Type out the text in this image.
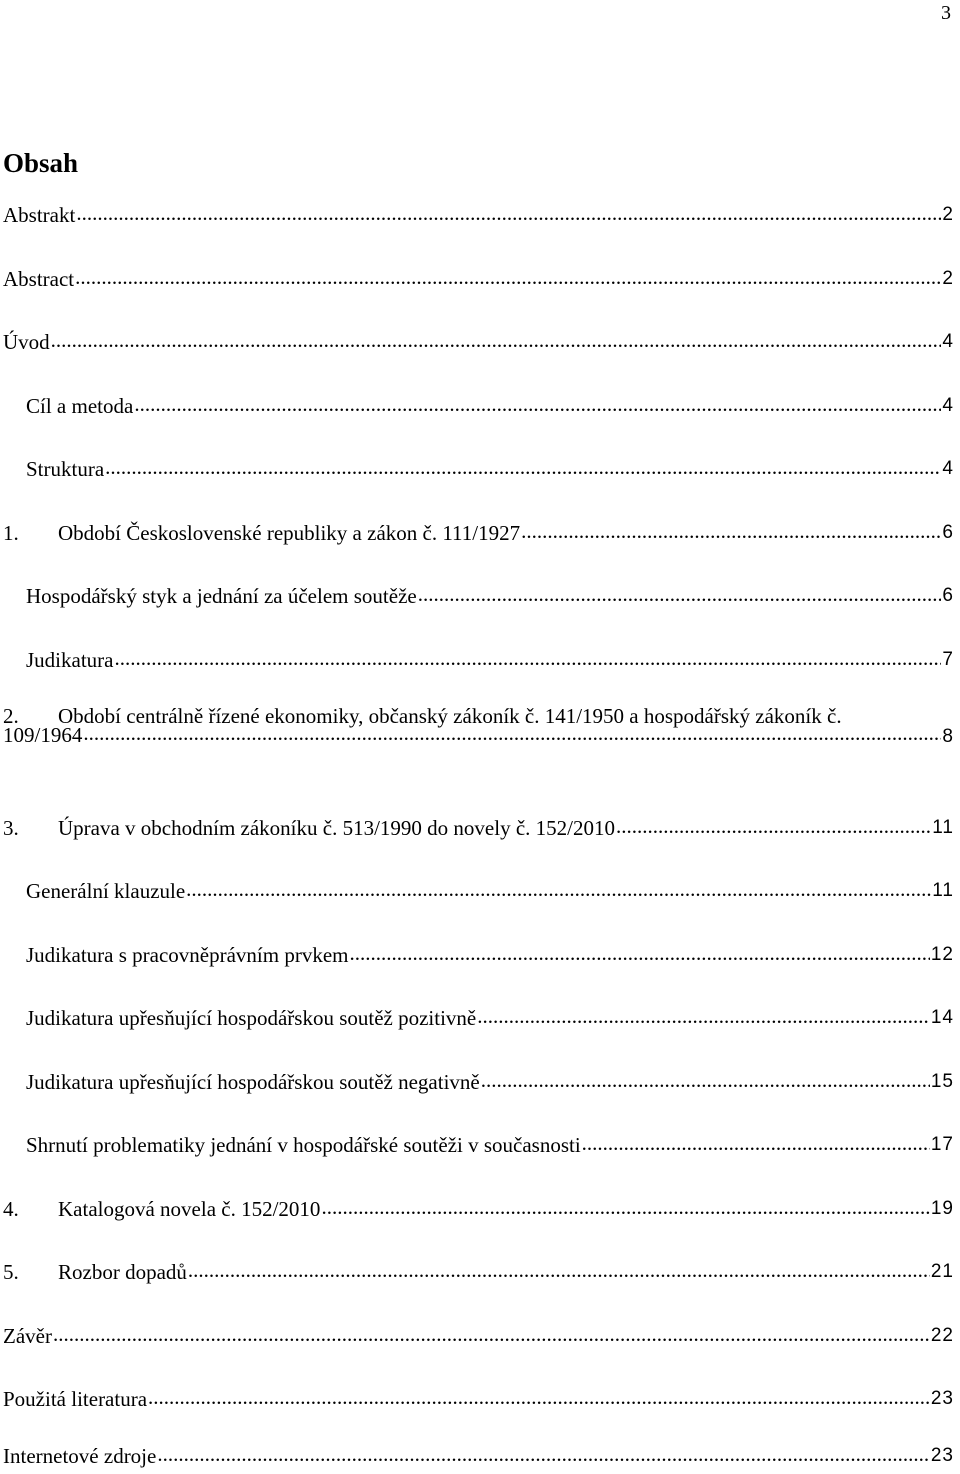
3
Obsah
Abstrakt .....	2
Abstract .....	2
Úvod .....	4
Cíl a metoda .....	4
Struktura .....	4
1.	Období Československé republiky a zákon č. 111/1927 .....	6
Hospodářský styk a jednání za účelem soutěže .....	6
Judikatura .....	7
2. Období centrálně řízené ekonomiky, občanský zákoník č. 141/1950 a hospodářský zákoník č.
109/1964 .....	8
3.	Úprava v obchodním zákoníku č. 513/1990 do novely č. 152/2010 .....	11
Generální klauzule .....	11
Judikatura s pracovněprávním prvkem .....	12
Judikatura upřesňující hospodářskou soutěž pozitivně .....	14
Judikatura upřesňující hospodářskou soutěž negativně .....	15
Shrnutí problematiky jednání v hospodářské soutěži v současnosti .....	17
4.	Katalogová novela č. 152/2010 .....	19
5.	Rozbor dopadů .....	21
Závěr .....	22
Použitá literatura .....	23
Internetové zdroje .....	23
